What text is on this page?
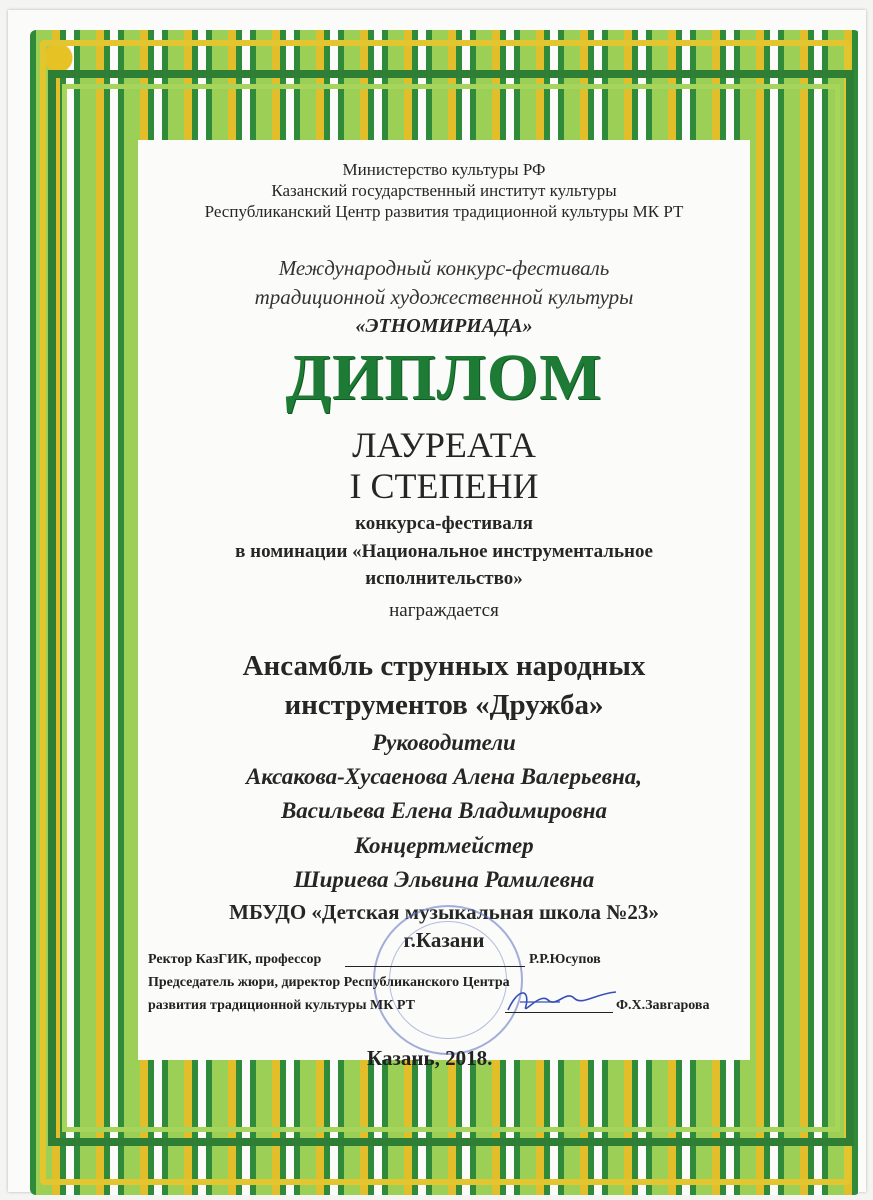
Министерство культуры РФ
Казанский государственный институт культуры
Республиканский Центр развития традиционной культуры МК РТ
Международный конкурс-фестиваль
традиционной художественной культуры
«ЭТНОМИРИАДА»
ДИПЛОМ
ЛАУРЕАТА
I СТЕПЕНИ
конкурса-фестиваля
в номинации «Национальное инструментальное
исполнительство»
награждается
Ансамбль струнных народных
инструментов «Дружба»
Руководители
Аксакова-Хусаенова Алена Валерьевна,
Васильева Елена Владимировна
Концертмейстер
Шириева Эльвина Рамилевна
МБУДО «Детская музыкальная школа №23»
г.Казани
Ректор КазГИК, профессор	Р.Р.Юсупов
Председатель жюри, директор Республиканского Центра
развития традиционной культуры МК РТ	Ф.Х.Завгарова
Казань, 2018.
